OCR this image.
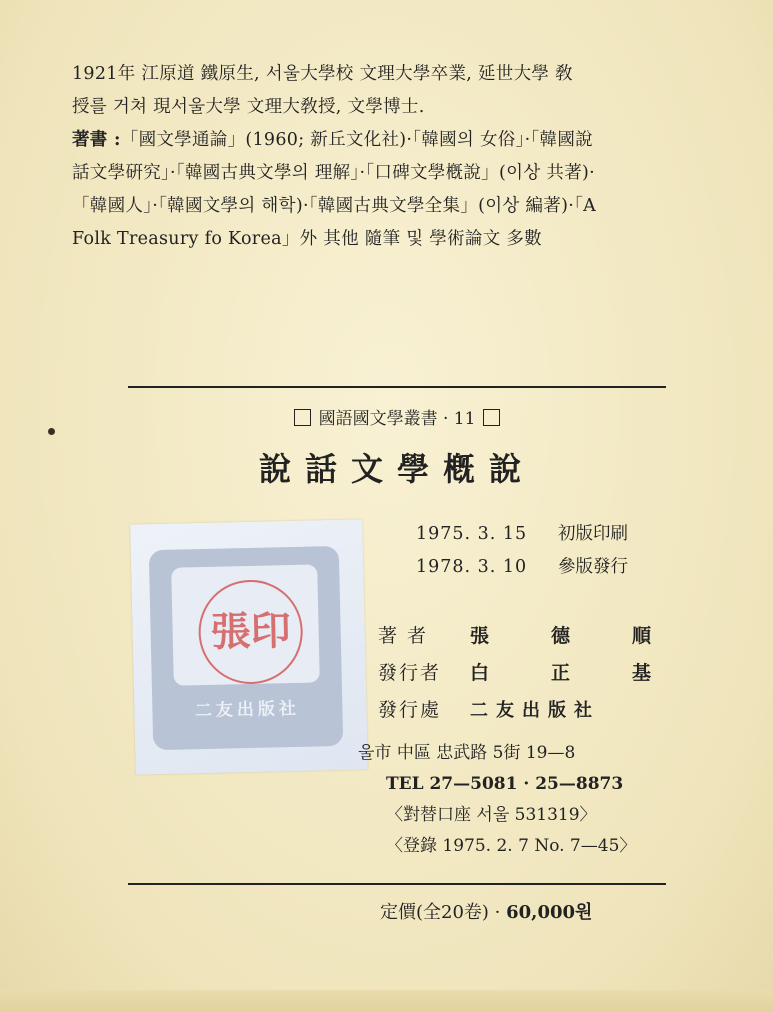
1921年 江原道 鐵原生, 서울大學校 文理大學卒業, 延世大學 敎

授를 거쳐 現서울大學 文理大敎授, 文學博士.

著書 :「國文學通論」(1960; 新丘文化社)·「韓國의 女俗」·「韓國說

話文學硏究」·「韓國古典文學의 理解」·「口碑文學槪說」(이상 共著)·

「韓國人」·「韓國文學의 해학)·「韓國古典文學全集」(이상 編著)·「A

Folk Treasury fo Korea」外 其他 隨筆 및 學術論文 多數

國語國文學叢書 · 11
說話文學槪說
張印
二友出版社
1975. 3. 15 初版印刷
1978. 3. 10 參版發行
著 者	張德順
發行者	白正基
發行處	二友出版社
울市 中區 忠武路 5街 19—8
TEL 27—5081 · 25—8873
〈對替口座 서울 531319〉
〈登錄 1975. 2. 7 No. 7—45〉
定價(全20卷) · 60,000원
